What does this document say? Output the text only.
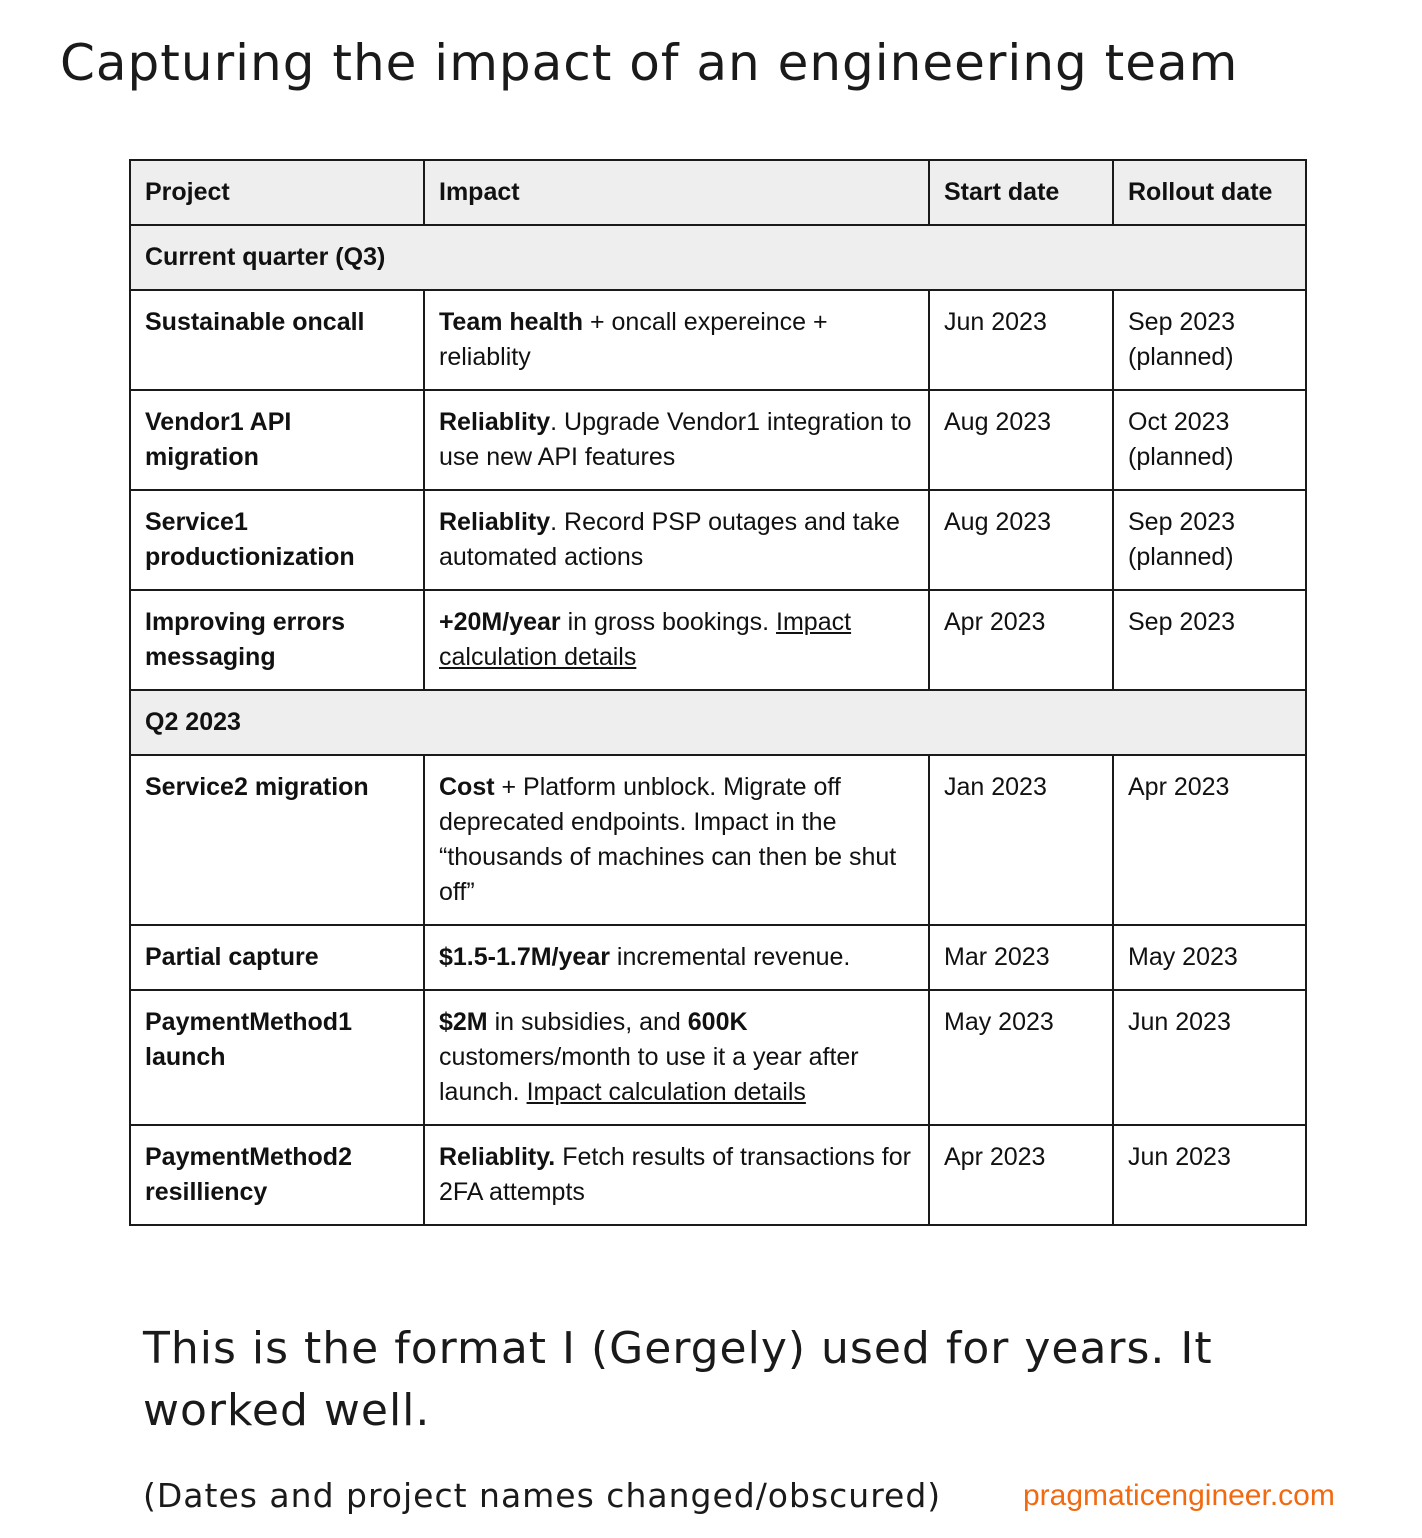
Capturing the impact of an engineering team
Project	Impact	Start date	Rollout date
Current quarter (Q3)			
Sustainable oncall	Team health + oncall expereince + reliablity	Jun 2023	Sep 2023 (planned)
Vendor1 API migration	Reliablity. Upgrade Vendor1 integration to use new API features	Aug 2023	Oct 2023 (planned)
Service1 productionization	Reliablity. Record PSP outages and take automated actions	Aug 2023	Sep 2023 (planned)
Improving errors messaging	+20M/year in gross bookings. Impact calculation details	Apr 2023	Sep 2023
Q2 2023			
Service2 migration	Cost + Platform unblock. Migrate off deprecated endpoints. Impact in the “thousands of machines can then be shut off”	Jan 2023	Apr 2023
Partial capture	$1.5-1.7M/year incremental revenue.	Mar 2023	May 2023
PaymentMethod1 launch	$2M in subsidies, and 600K customers/month to use it a year after launch. Impact calculation details	May 2023	Jun 2023
PaymentMethod2 resilliency	Reliablity. Fetch results of transactions for 2FA attempts	Apr 2023	Jun 2023
This is the format I (Gergely) used for years. It worked well.
(Dates and project names changed/obscured)	pragmaticengineer.com
